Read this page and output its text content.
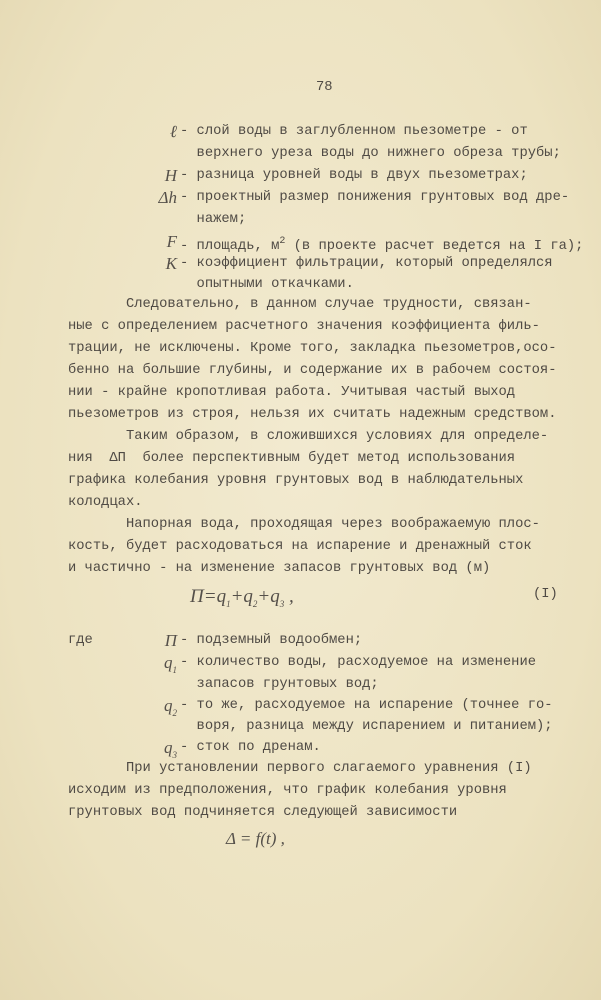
78
ℓ - слой воды в заглубленном пьезометре - от
верхнего уреза воды до нижнего обреза трубы;
H - разница уровней воды в двух пьезометрах;
Δh - проектный размер понижения грунтовых вод дре-
нажем;
F - площадь, $м^2$ (в проекте расчет ведется на I га);
K - коэффициент фильтрации, который определялся
опытными откачками.
Следовательно, в данном случае трудности, связан-
ные с определением расчетного значения коэффициента филь-
трации, не исключены. Кроме того, закладка пьезометров,осо-
бенно на большие глубины, и содержание их в рабочем состоя-
нии - крайне кропотливая работа. Учитывая частый выход
пьезометров из строя, нельзя их считать надежным средством.
Таким образом, в сложившихся условиях для определе-
ния  ΔП  более перспективным будет метод использования
графика колебания уровня грунтовых вод в наблюдательных
колодцах.
Напорная вода, проходящая через воображаемую плос-
кость, будет расходоваться на испарение и дренажный сток
и частично - на изменение запасов грунтовых вод (м)
$П=q_1+q_2+q_3$ ,	(I)
где	П - подземный водообмен;
$q_1$ - количество воды, расходуемое на изменение
запасов грунтовых вод;
$q_2$ - то же, расходуемое на испарение (точнее го-
воря, разница между испарением и питанием);
$q_3$ - сток по дренам.
При установлении первого слагаемого уравнения (I)
исходим из предположения, что график колебания уровня
грунтовых вод подчиняется следующей зависимости
Δ = f(t) ,
